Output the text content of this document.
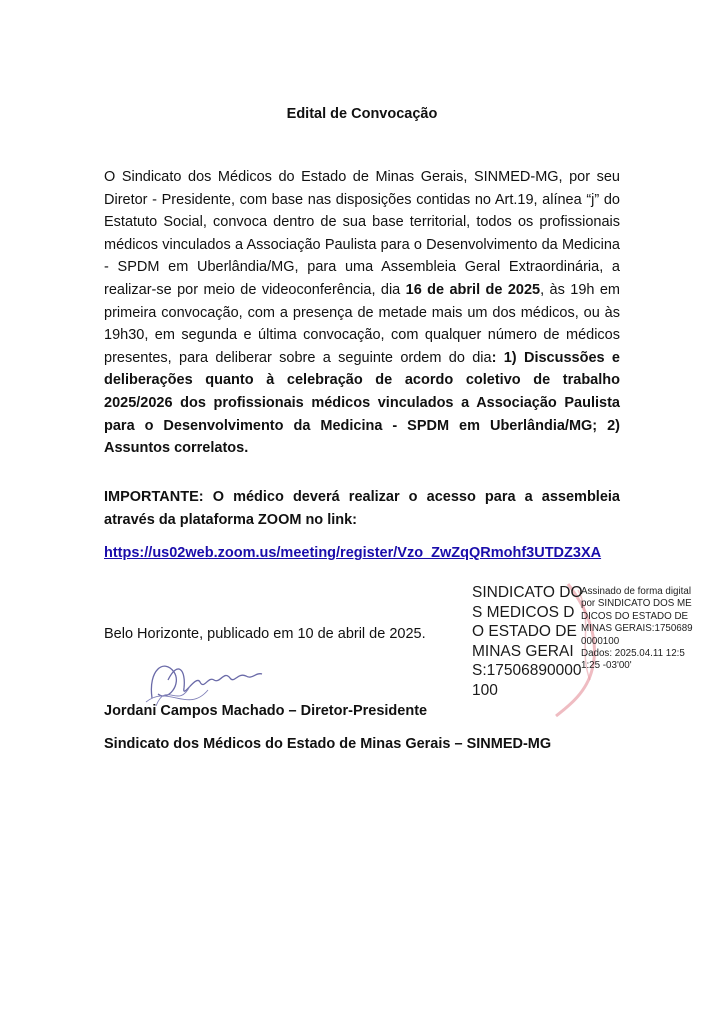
Edital de Convocação

O Sindicato dos Médicos do Estado de Minas Gerais, SINMED-MG, por seu Diretor - Presidente, com base nas disposições contidas no Art.19, alínea “j” do Estatuto Social, convoca dentro de sua base territorial, todos os profissionais médicos vinculados a Associação Paulista para o Desenvolvimento da Medicina - SPDM em Uberlândia/MG, para uma Assembleia Geral Extraordinária, a realizar-se por meio de videoconferência, dia 16 de abril de 2025, às 19h em primeira convocação, com a presença de metade mais um dos médicos, ou às 19h30, em segunda e última convocação, com qualquer número de médicos presentes, para deliberar sobre a seguinte ordem do dia: 1) Discussões e deliberações quanto à celebração de acordo coletivo de trabalho 2025/2026 dos profissionais médicos vinculados a Associação Paulista para o Desenvolvimento da Medicina - SPDM em Uberlândia/MG; 2) Assuntos correlatos.

IMPORTANTE: O médico deverá realizar o acesso para a assembleia através da plataforma ZOOM no link:

https://us02web.zoom.us/meeting/register/Vzo_ZwZqQRmohf3UTDZ3XA
Belo Horizonte, publicado em 10 de abril de 2025.
JMachado
Jordani Campos Machado – Diretor-Presidente
Sindicato dos Médicos do Estado de Minas Gerais – SINMED-MG
SINDICATO DOS MEDICOS DO ESTADO DE MINAS GERAIS:17506890000100
Assinado de forma digital por SINDICATO DOS MEDICOS DO ESTADO DE MINAS GERAIS:17506890000100
Dados: 2025.04.11 12:51:25 -03'00'
